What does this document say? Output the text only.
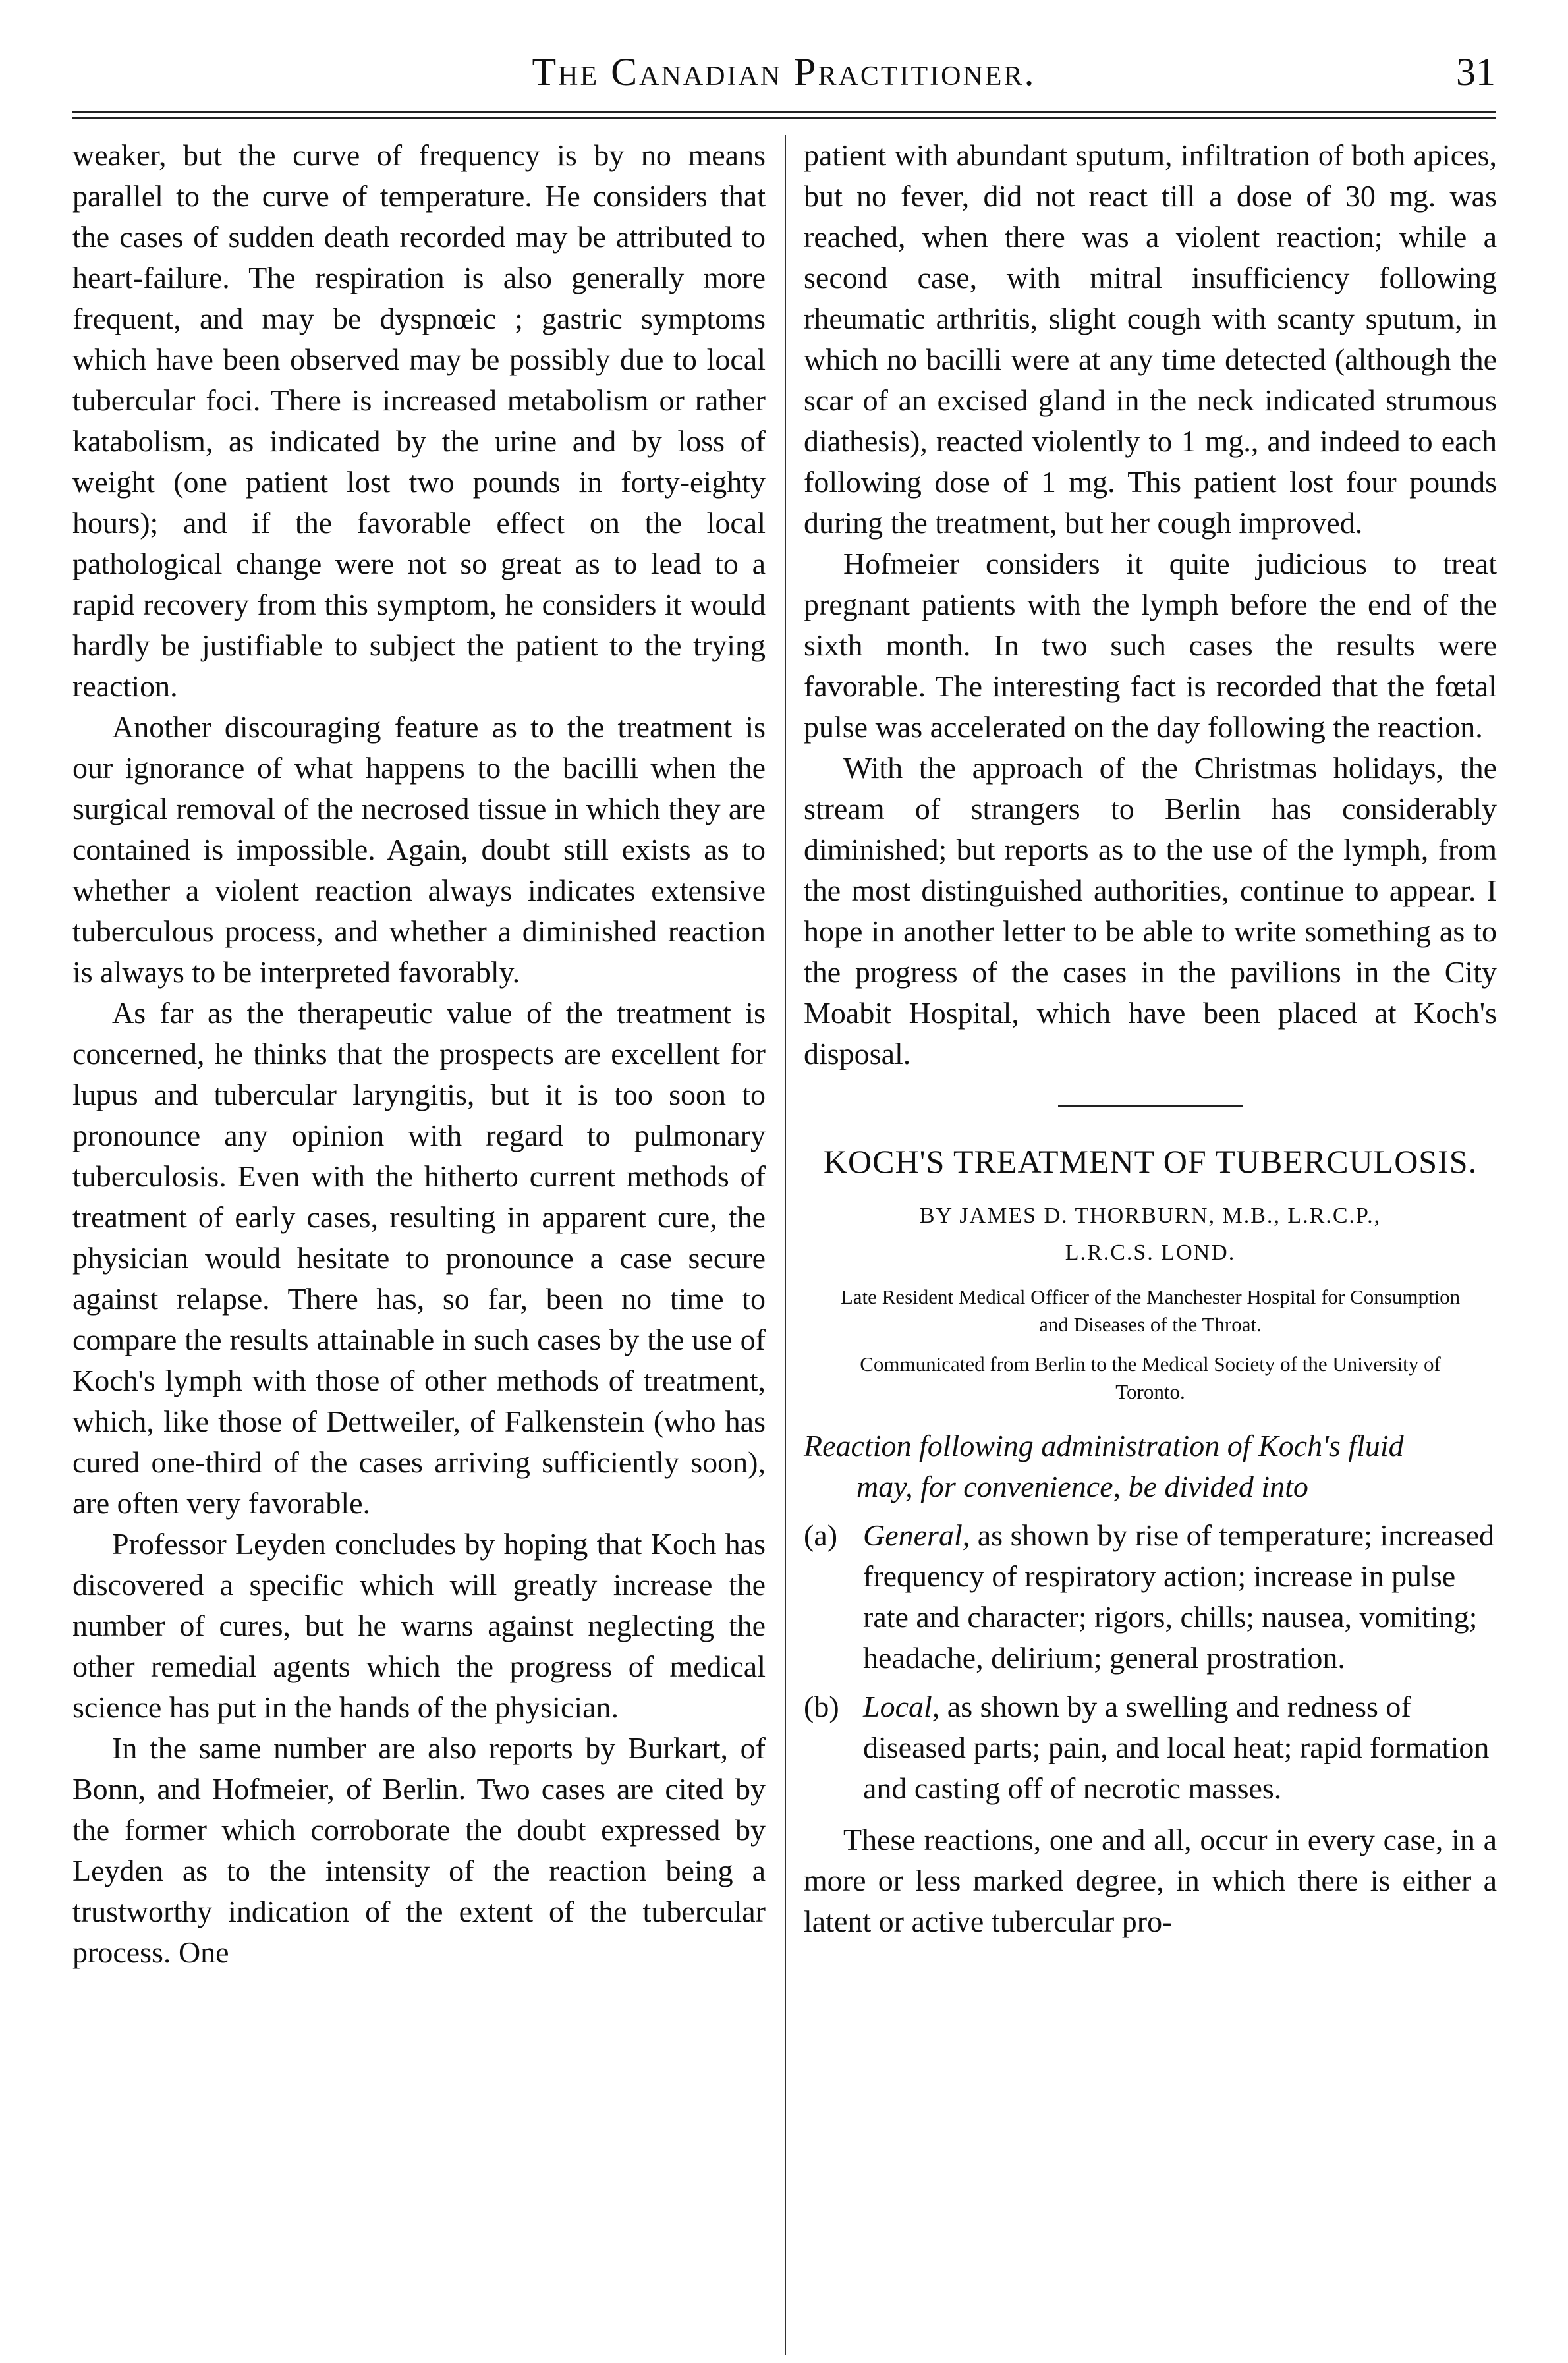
The Canadian Practitioner.	31

weaker, but the curve of frequency is by no means parallel to the curve of temperature. He considers that the cases of sudden death recorded may be attributed to heart-failure. The respiration is also generally more frequent, and may be dyspnœic ; gastric symptoms which have been observed may be possibly due to local tubercular foci. There is increased metabolism or rather katabolism, as indicated by the urine and by loss of weight (one patient lost two pounds in forty-eighty hours); and if the favorable effect on the local pathological change were not so great as to lead to a rapid recovery from this symptom, he considers it would hardly be justifiable to subject the patient to the trying reaction.

Another discouraging feature as to the treatment is our ignorance of what happens to the bacilli when the surgical removal of the necrosed tissue in which they are contained is impossible. Again, doubt still exists as to whether a violent reaction always indicates extensive tuberculous process, and whether a diminished reaction is always to be interpreted favorably.

As far as the therapeutic value of the treatment is concerned, he thinks that the prospects are excellent for lupus and tubercular laryngitis, but it is too soon to pronounce any opinion with regard to pulmonary tuberculosis. Even with the hitherto current methods of treatment of early cases, resulting in apparent cure, the physician would hesitate to pronounce a case secure against relapse. There has, so far, been no time to compare the results attainable in such cases by the use of Koch's lymph with those of other methods of treatment, which, like those of Dettweiler, of Falkenstein (who has cured one-third of the cases arriving sufficiently soon), are often very favorable.

Professor Leyden concludes by hoping that Koch has discovered a specific which will greatly increase the number of cures, but he warns against neglecting the other remedial agents which the progress of medical science has put in the hands of the physician.

In the same number are also reports by Burkart, of Bonn, and Hofmeier, of Berlin. Two cases are cited by the former which corroborate the doubt expressed by Leyden as to the intensity of the reaction being a trustworthy indication of the extent of the tubercular process. One

patient with abundant sputum, infiltration of both apices, but no fever, did not react till a dose of 30 mg. was reached, when there was a violent reaction; while a second case, with mitral insufficiency following rheumatic arthritis, slight cough with scanty sputum, in which no bacilli were at any time detected (although the scar of an excised gland in the neck indicated strumous diathesis), reacted violently to 1 mg., and indeed to each following dose of 1 mg. This patient lost four pounds during the treatment, but her cough improved.

Hofmeier considers it quite judicious to treat pregnant patients with the lymph before the end of the sixth month. In two such cases the results were favorable. The interesting fact is recorded that the fœtal pulse was accelerated on the day following the reaction.

With the approach of the Christmas holidays, the stream of strangers to Berlin has considerably diminished; but reports as to the use of the lymph, from the most distinguished authorities, continue to appear. I hope in another letter to be able to write something as to the progress of the cases in the pavilions in the City Moabit Hospital, which have been placed at Koch's disposal.

KOCH'S TREATMENT OF TUBERCULOSIS.
BY JAMES D. THORBURN, M.B., L.R.C.P.,
L.R.C.S. LOND.
Late Resident Medical Officer of the Manchester Hospital for Consumption and Diseases of the Throat.
Communicated from Berlin to the Medical Society of the University of Toronto.
Reaction following administration of Koch's fluid
may, for convenience, be divided into
(a) General, as shown by rise of temperature; increased frequency of respiratory action; increase in pulse rate and character; rigors, chills; nausea, vomiting; headache, delirium; general prostration.
(b) Local, as shown by a swelling and redness of diseased parts; pain, and local heat; rapid formation and casting off of necrotic masses.

These reactions, one and all, occur in every case, in a more or less marked degree, in which there is either a latent or active tubercular pro-
